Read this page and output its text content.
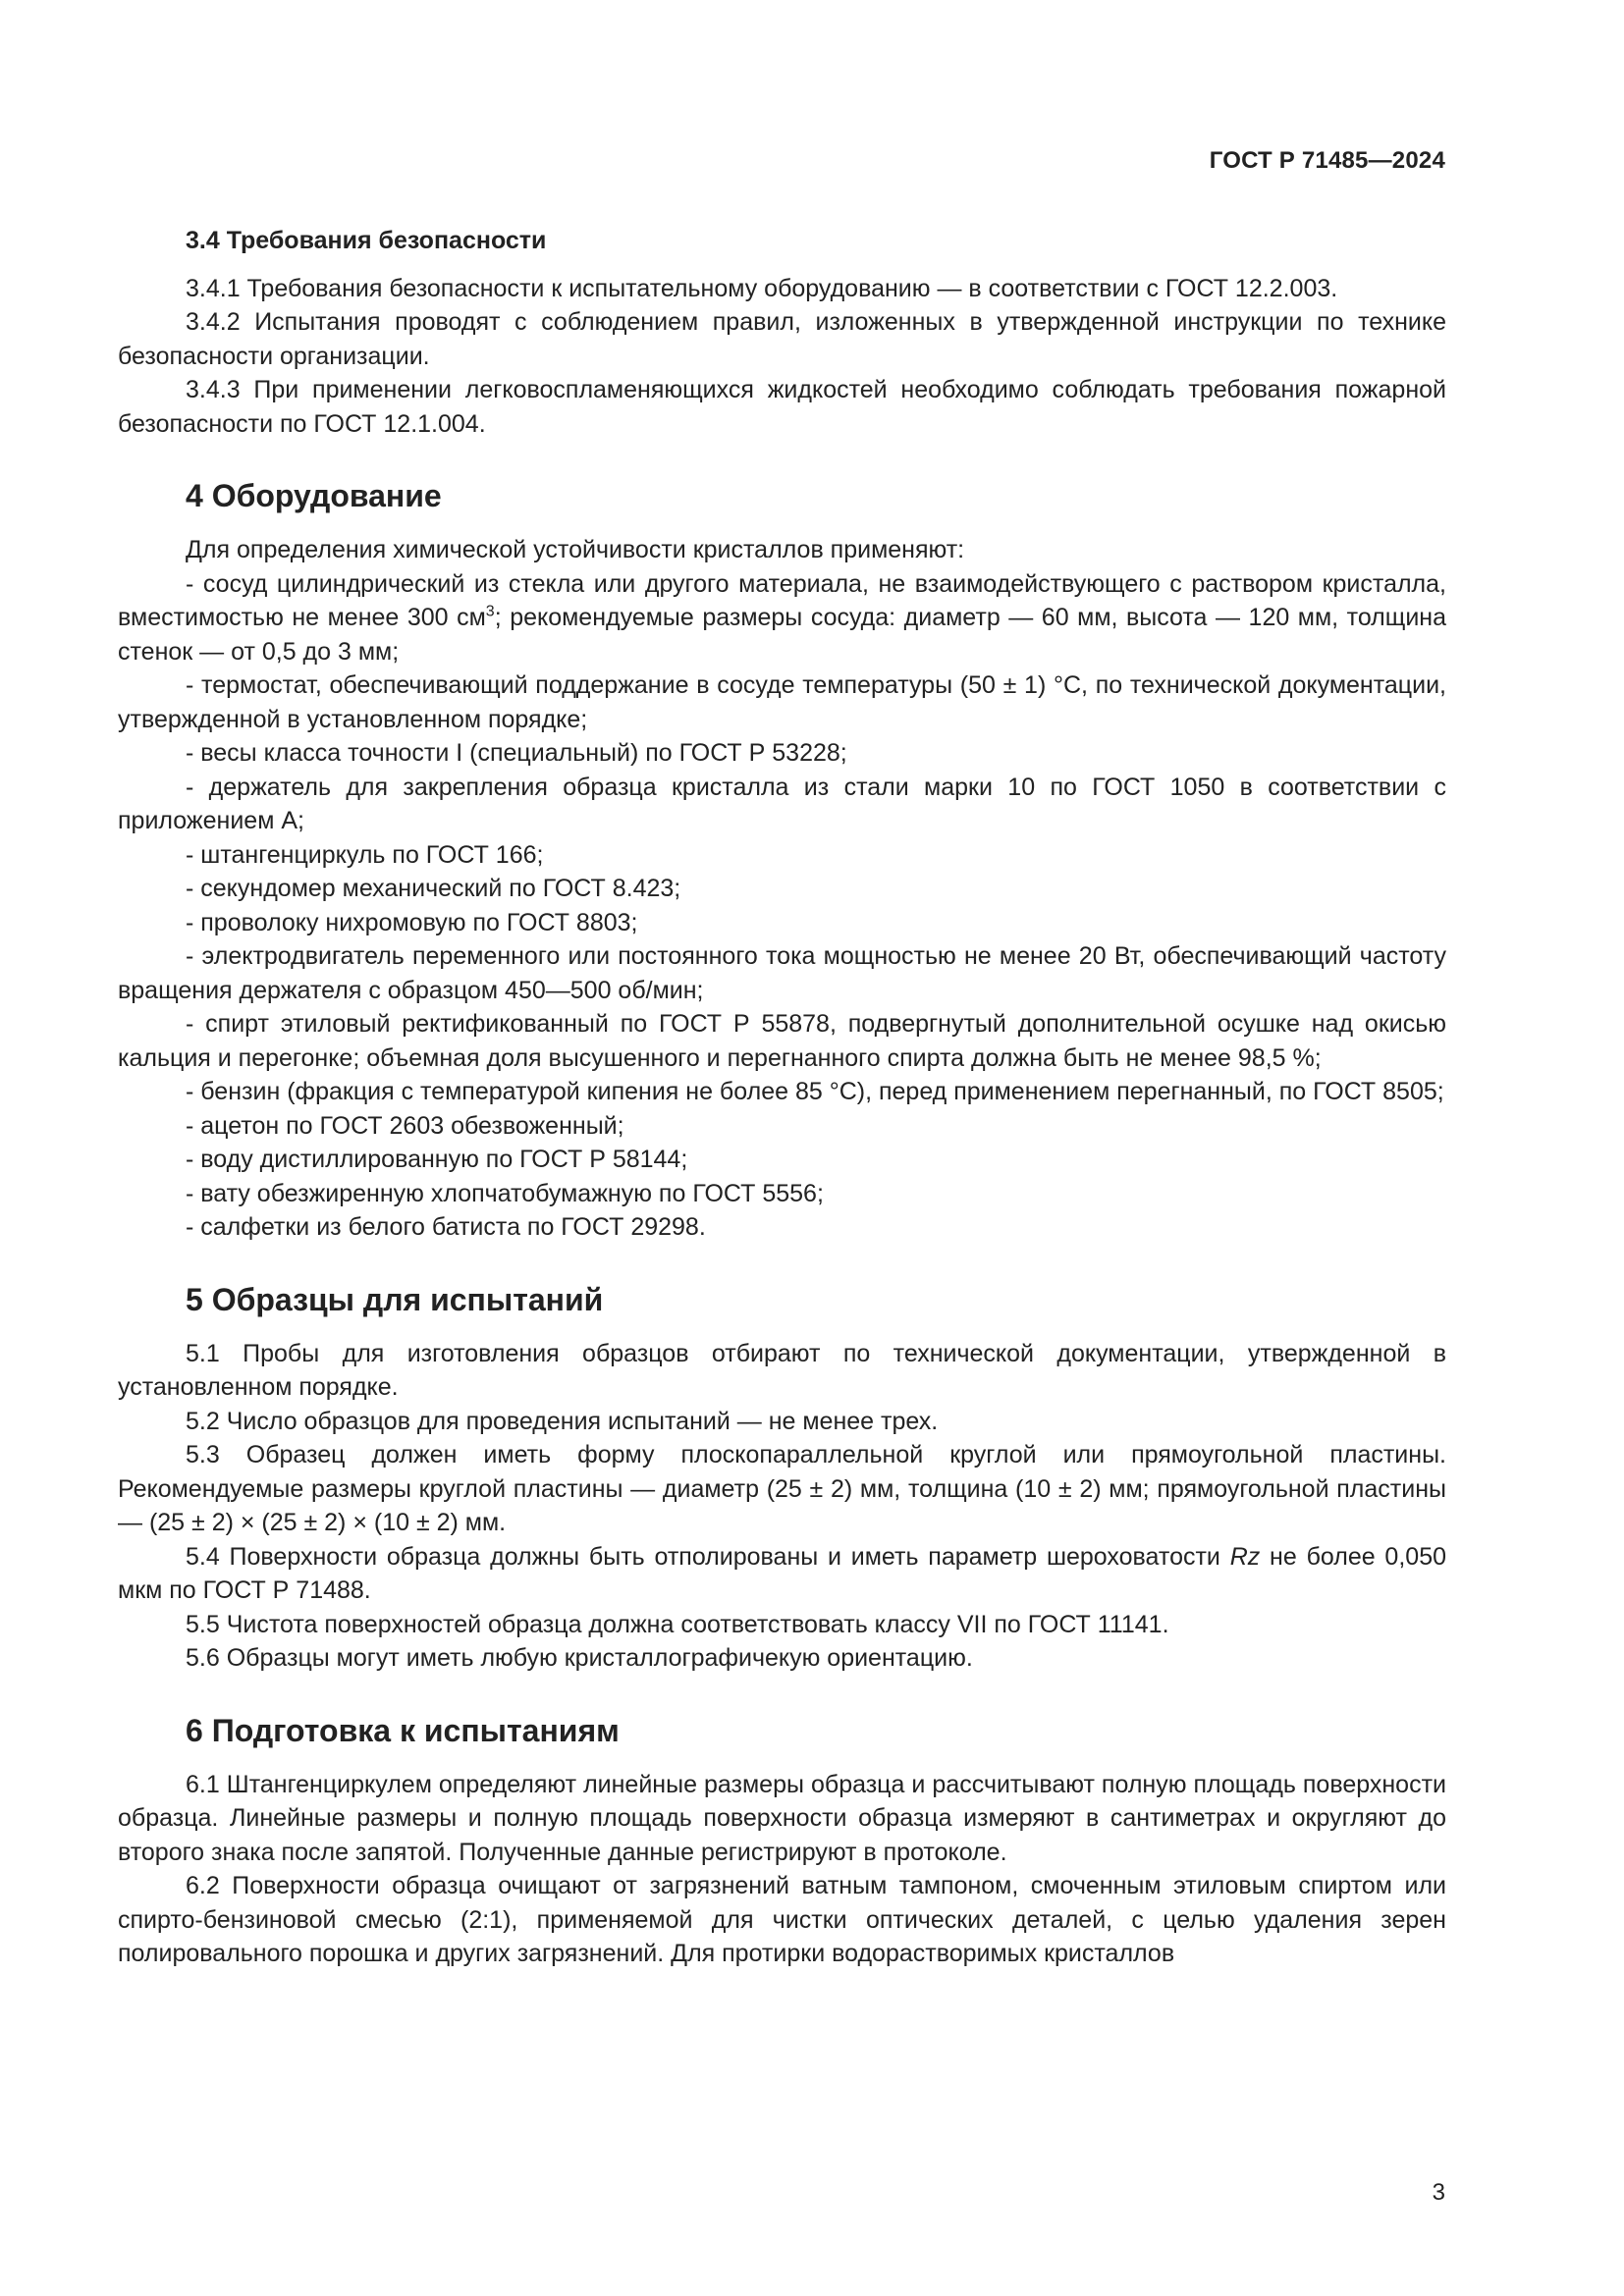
ГОСТ Р 71485—2024
3.4 Требования безопасности

3.4.1 Требования безопасности к испытательному оборудованию — в соответствии с ГОСТ 12.2.003.

3.4.2 Испытания проводят с соблюдением правил, изложенных в утвержденной инструкции по технике безопасности организации.

3.4.3 При применении легковоспламеняющихся жидкостей необходимо соблюдать требования пожарной безопасности по ГОСТ 12.1.004.

4 Оборудование

Для определения химической устойчивости кристаллов применяют:

- сосуд цилиндрический из стекла или другого материала, не взаимодействующего с раствором кристалла, вместимостью не менее 300 $см^3$; рекомендуемые размеры сосуда: диаметр — 60 мм, высота — 120 мм, толщина стенок — от 0,5 до 3 мм;

- термостат, обеспечивающий поддержание в сосуде температуры (50 ± 1) °С, по технической документации, утвержденной в установленном порядке;

- весы класса точности I (специальный) по ГОСТ Р 53228;

- держатель для закрепления образца кристалла из стали марки 10 по ГОСТ 1050 в соответствии с приложением А;

- штангенциркуль по ГОСТ 166;

- секундомер механический по ГОСТ 8.423;

- проволоку нихромовую по ГОСТ 8803;

- электродвигатель переменного или постоянного тока мощностью не менее 20 Вт, обеспечивающий частоту вращения держателя с образцом 450—500 об/мин;

- спирт этиловый ректификованный по ГОСТ Р 55878, подвергнутый дополнительной осушке над окисью кальция и перегонке; объемная доля высушенного и перегнанного спирта должна быть не менее 98,5 %;

- бензин (фракция с температурой кипения не более 85 °С), перед применением перегнанный, по ГОСТ 8505;

- ацетон по ГОСТ 2603 обезвоженный;

- воду дистиллированную по ГОСТ Р 58144;

- вату обезжиренную хлопчатобумажную по ГОСТ 5556;

- салфетки из белого батиста по ГОСТ 29298.

5 Образцы для испытаний

5.1 Пробы для изготовления образцов отбирают по технической документации, утвержденной в установленном порядке.

5.2 Число образцов для проведения испытаний — не менее трех.

5.3 Образец должен иметь форму плоскопараллельной круглой или прямоугольной пластины. Рекомендуемые размеры круглой пластины — диаметр (25 ± 2) мм, толщина (10 ± 2) мм; прямоугольной пластины — (25 ± 2) × (25 ± 2) × (10 ± 2) мм.

5.4 Поверхности образца должны быть отполированы и иметь параметр шероховатости Rz не более 0,050 мкм по ГОСТ Р 71488.

5.5 Чистота поверхностей образца должна соответствовать классу VII по ГОСТ 11141.

5.6 Образцы могут иметь любую кристаллографичекую ориентацию.

6 Подготовка к испытаниям

6.1 Штангенциркулем определяют линейные размеры образца и рассчитывают полную площадь поверхности образца. Линейные размеры и полную площадь поверхности образца измеряют в сантиметрах и округляют до второго знака после запятой. Полученные данные регистрируют в протоколе.

6.2 Поверхности образца очищают от загрязнений ватным тампоном, смоченным этиловым спиртом или спирто-бензиновой смесью (2:1), применяемой для чистки оптических деталей, с целью удаления зерен полировального порошка и других загрязнений. Для протирки водорастворимых кристаллов

3
